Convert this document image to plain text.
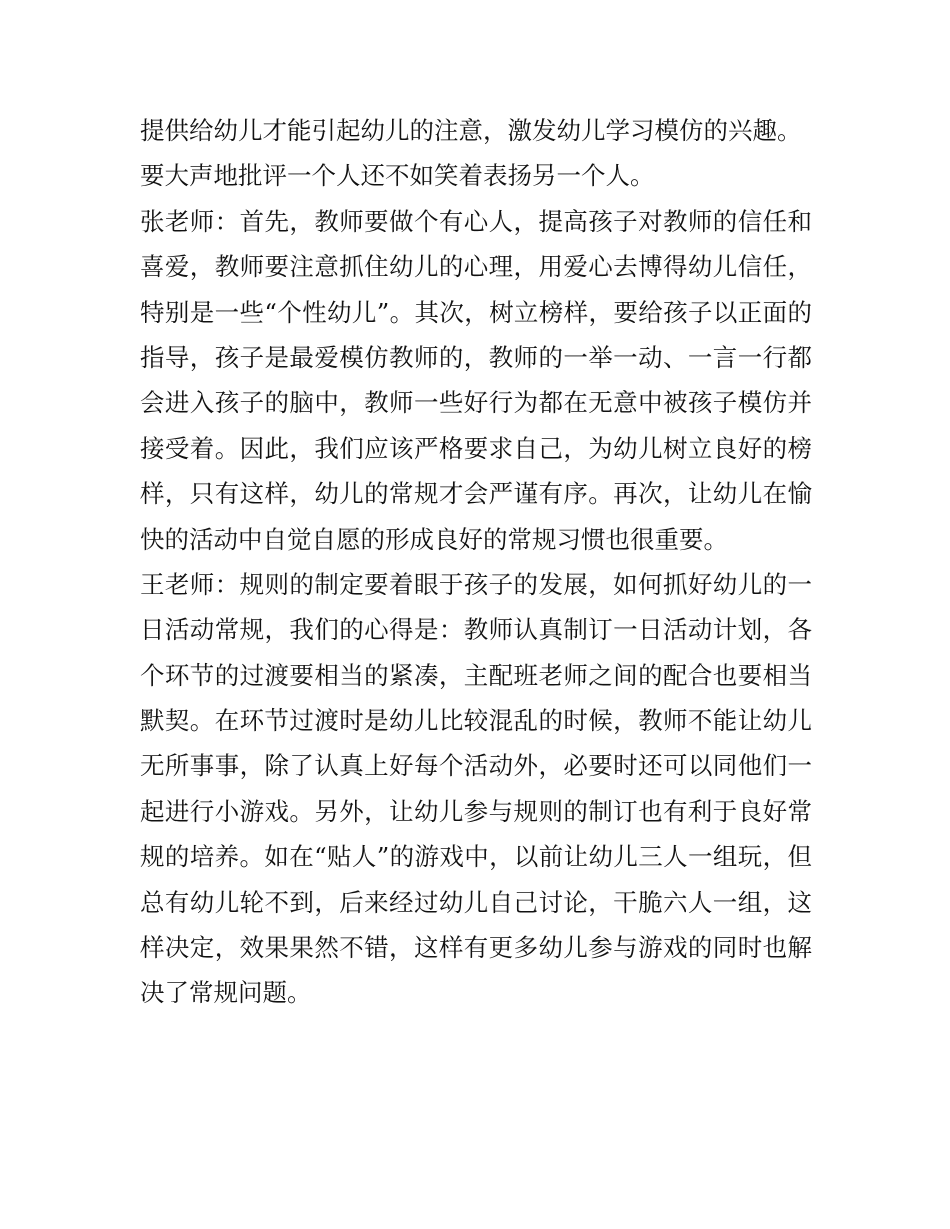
提供给幼儿才能引起幼儿的注意，激发幼儿学习模仿的兴趣。
要大声地批评一个人还不如笑着表扬另一个人。
张老师：首先，教师要做个有心人，提高孩子对教师的信任和
喜爱，教师要注意抓住幼儿的心理，用爱心去博得幼儿信任，
特别是一些“个性幼儿”。其次，树立榜样，要给孩子以正面的
指导，孩子是最爱模仿教师的，教师的一举一动、一言一行都
会进入孩子的脑中，教师一些好行为都在无意中被孩子模仿并
接受着。因此，我们应该严格要求自己，为幼儿树立良好的榜
样，只有这样，幼儿的常规才会严谨有序。再次，让幼儿在愉
快的活动中自觉自愿的形成良好的常规习惯也很重要。
王老师：规则的制定要着眼于孩子的发展，如何抓好幼儿的一
日活动常规，我们的心得是：教师认真制订一日活动计划，各
个环节的过渡要相当的紧凑，主配班老师之间的配合也要相当
默契。在环节过渡时是幼儿比较混乱的时候，教师不能让幼儿
无所事事，除了认真上好每个活动外，必要时还可以同他们一
起进行小游戏。另外，让幼儿参与规则的制订也有利于良好常
规的培养。如在“贴人”的游戏中，以前让幼儿三人一组玩，但
总有幼儿轮不到，后来经过幼儿自己讨论，干脆六人一组，这
样决定，效果果然不错，这样有更多幼儿参与游戏的同时也解
决了常规问题。
